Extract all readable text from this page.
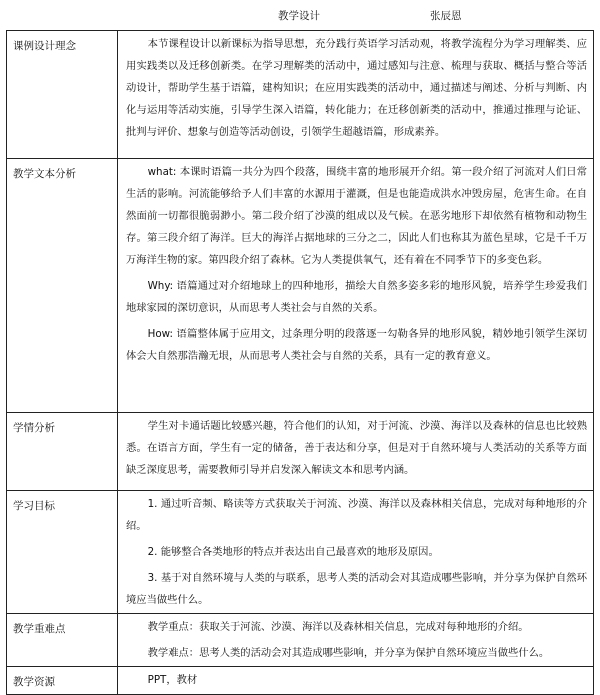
教学设计	张辰恩
课例设计理念	本节课程设计以新课标为指导思想，充分践行英语学习活动观，将教学流程分为学习理解类、应用实践类以及迁移创新类。在学习理解类的活动中，通过感知与注意、梳理与获取、概括与整合等活动设计，帮助学生基于语篇，建构知识；在应用实践类的活动中，通过描述与阐述、分析与判断、内化与运用等活动实施，引导学生深入语篇，转化能力；在迁移创新类的活动中，推通过推理与论证、批判与评价、想象与创造等活动创设，引领学生超越语篇，形成素养。

教学文本分析	what: 本课时语篇一共分为四个段落，围绕丰富的地形展开介绍。第一段介绍了河流对人们日常生活的影响。河流能够给予人们丰富的水源用于灌溉，但是也能造成洪水冲毁房屋，危害生命。在自然面前一切都很脆弱渺小。第二段介绍了沙漠的组成以及气候。在恶劣地形下却依然有植物和动物生存。第三段介绍了海洋。巨大的海洋占据地球的三分之二，因此人们也称其为蓝色星球，它是千千万万海洋生物的家。第四段介绍了森林。它为人类提供氧气，还有着在不同季节下的多变色彩。

Why: 语篇通过对介绍地球上的四种地形，描绘大自然多姿多彩的地形风貌，培养学生珍爱我们地球家园的深切意识，从而思考人类社会与自然的关系。

How: 语篇整体属于应用文，过条理分明的段落逐一勾勒各异的地形风貌，精妙地引领学生深切体会大自然那浩瀚无垠，从而思考人类社会与自然的关系，具有一定的教育意义。

学情分析	学生对卡通话题比较感兴趣，符合他们的认知，对于河流、沙漠、海洋以及森林的信息也比较熟悉。在语言方面，学生有一定的储备，善于表达和分享，但是对于自然环境与人类活动的关系等方面缺乏深度思考，需要教师引导并启发深入解读文本和思考内涵。

学习目标	1. 通过听音频、略读等方式获取关于河流、沙漠、海洋以及森林相关信息，完成对每种地形的介绍。

2. 能够整合各类地形的特点并表达出自己最喜欢的地形及原因。

3. 基于对自然环境与人类的与联系，思考人类的活动会对其造成哪些影响，并分享为保护自然环境应当做些什么。

教学重难点	教学重点：获取关于河流、沙漠、海洋以及森林相关信息，完成对每种地形的介绍。

教学难点：思考人类的活动会对其造成哪些影响，并分享为保护自然环境应当做些什么。

教学资源	PPT，教材
